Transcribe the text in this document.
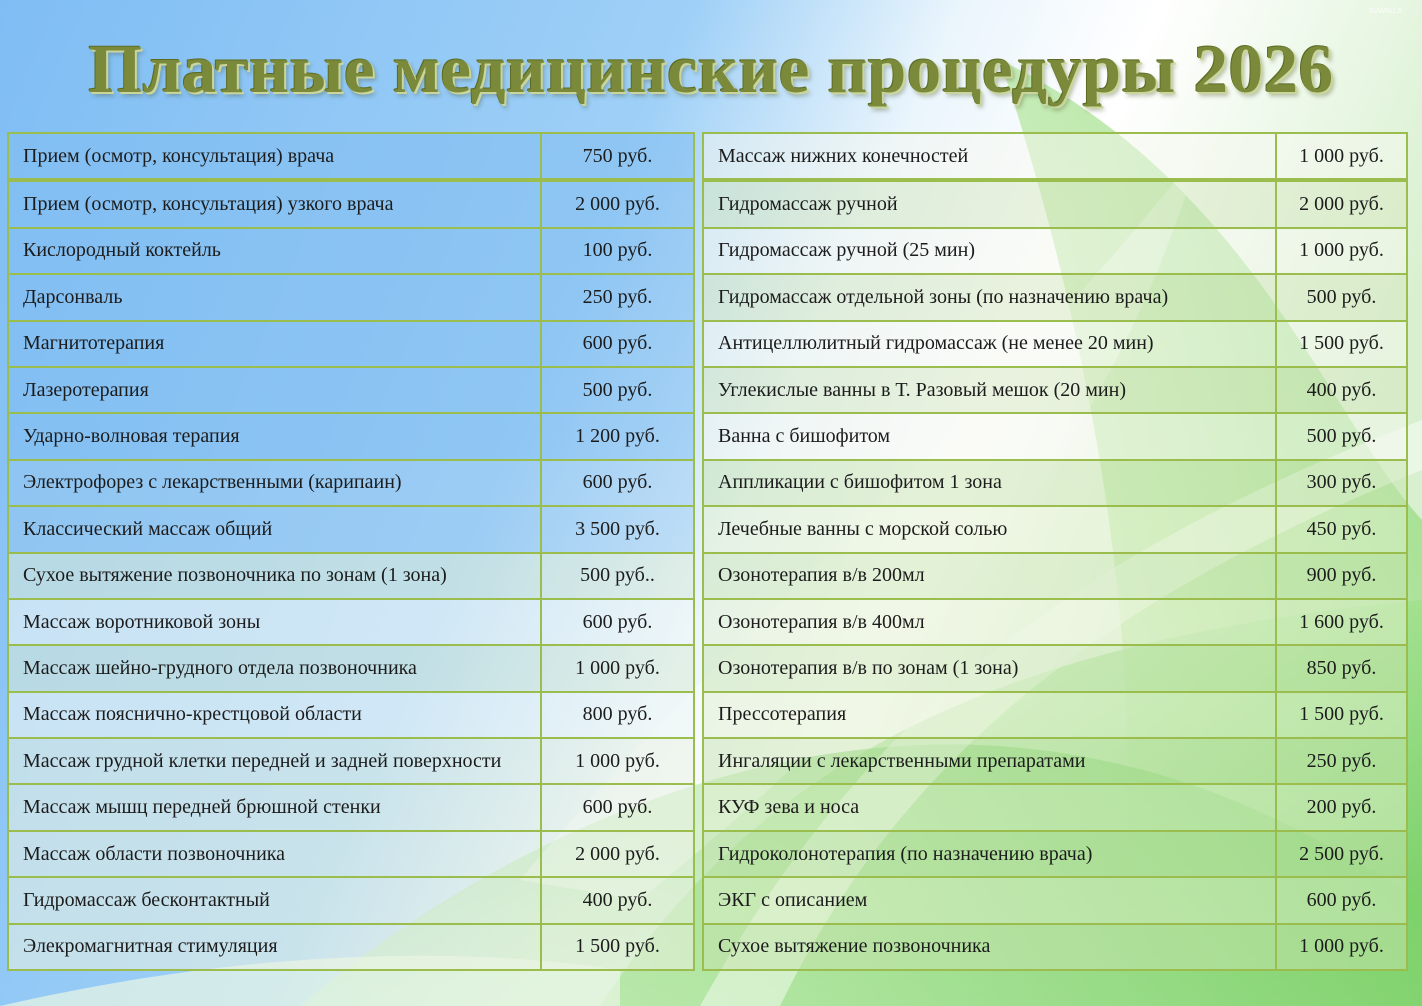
SUWALLS
Платные медицинские процедуры 2026
Прием (осмотр, консультация) врача	750 руб.
Прием (осмотр, консультация) узкого врача	2 000 руб.
Кислородный коктейль	100 руб.
Дарсонваль	250 руб.
Магнитотерапия	600 руб.
Лазеротерапия	500 руб.
Ударно-волновая терапия	1 200 руб.
Электрофорез с лекарственными (карипаин)	600 руб.
Классический массаж общий	3 500 руб.
Сухое вытяжение позвоночника по зонам (1 зона)	500 руб..
Массаж воротниковой зоны	600 руб.
Массаж шейно-грудного отдела позвоночника	1 000 руб.
Массаж пояснично-крестцовой области	800 руб.
Массаж грудной клетки передней и задней поверхности	1 000 руб.
Массаж мышц передней брюшной стенки	600 руб.
Массаж области позвоночника	2 000 руб.
Гидромассаж бесконтактный	400 руб.
Элекромагнитная стимуляция	1 500 руб.
Массаж нижних конечностей	1 000 руб.
Гидромассаж ручной	2 000 руб.
Гидромассаж ручной (25 мин)	1 000 руб.
Гидромассаж отдельной зоны (по назначению врача)	500 руб.
Антицеллюлитный гидромассаж (не менее 20 мин)	1 500 руб.
Углекислые ванны в Т. Разовый мешок (20 мин)	400 руб.
Ванна с бишофитом	500 руб.
Аппликации с бишофитом 1 зона	300 руб.
Лечебные ванны с морской солью	450 руб.
Озонотерапия в/в 200мл	900 руб.
Озонотерапия в/в 400мл	1 600 руб.
Озонотерапия в/в по зонам (1 зона)	850 руб.
Прессотерапия	1 500 руб.
Ингаляции с лекарственными препаратами	250 руб.
КУФ зева и носа	200 руб.
Гидроколонотерапия (по назначению врача)	2 500 руб.
ЭКГ с описанием	600 руб.
Сухое вытяжение позвоночника	1 000 руб.
